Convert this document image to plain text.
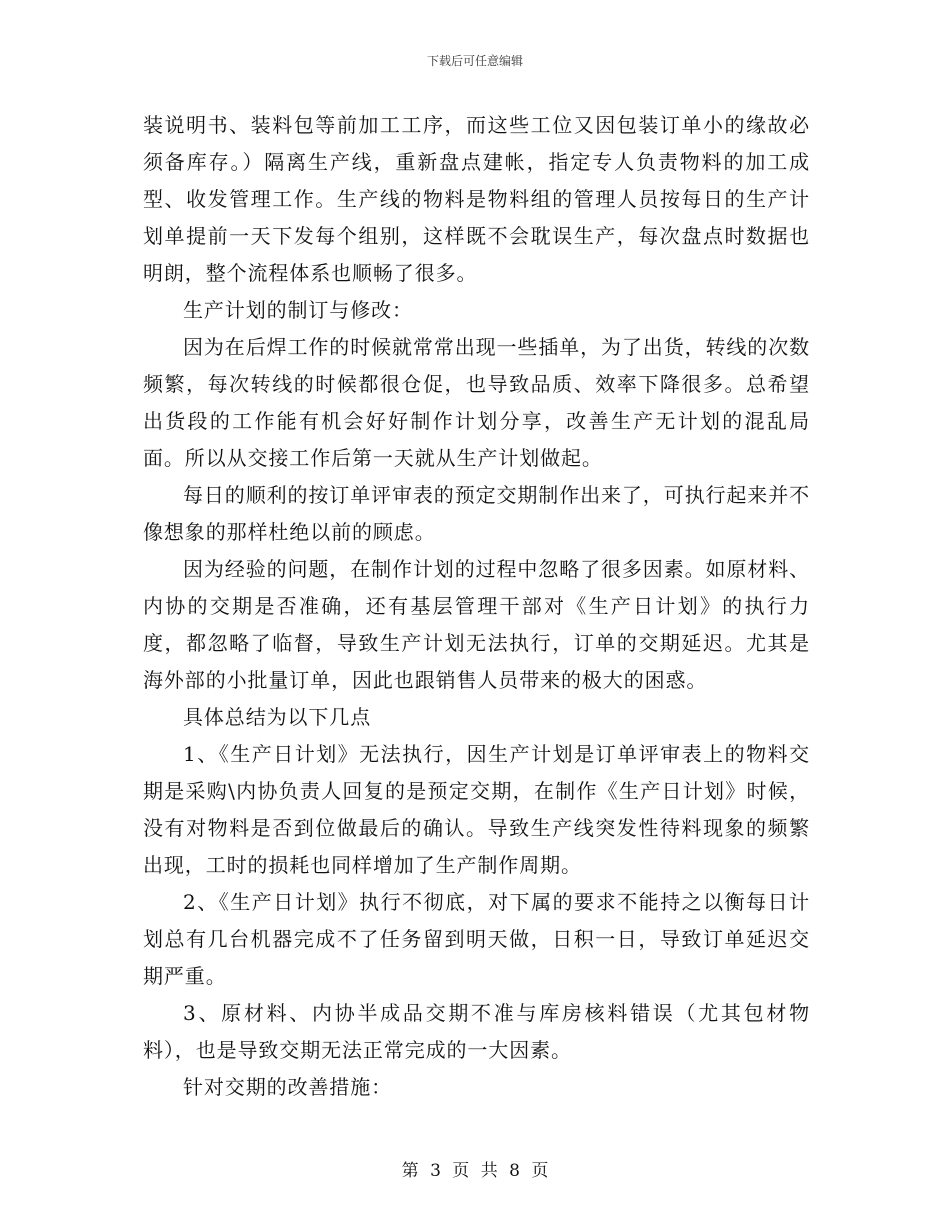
下载后可任意编辑

装说明书、装料包等前加工工序，而这些工位又因包装订单小的缘故必须备库存。）隔离生产线，重新盘点建帐，指定专人负责物料的加工成型、收发管理工作。生产线的物料是物料组的管理人员按每日的生产计划单提前一天下发每个组别，这样既不会耽误生产，每次盘点时数据也明朗，整个流程体系也顺畅了很多。

生产计划的制订与修改：

因为在后焊工作的时候就常常出现一些插单，为了出货，转线的次数频繁，每次转线的时候都很仓促，也导致品质、效率下降很多。总希望出货段的工作能有机会好好制作计划分享，改善生产无计划的混乱局面。所以从交接工作后第一天就从生产计划做起。

每日的顺利的按订单评审表的预定交期制作出来了，可执行起来并不像想象的那样杜绝以前的顾虑。

因为经验的问题，在制作计划的过程中忽略了很多因素。如原材料、内协的交期是否准确，还有基层管理干部对《生产日计划》的执行力度，都忽略了临督，导致生产计划无法执行，订单的交期延迟。尤其是海外部的小批量订单，因此也跟销售人员带来的极大的困惑。

具体总结为以下几点

1、《生产日计划》无法执行，因生产计划是订单评审表上的物料交期是采购\内协负责人回复的是预定交期，在制作《生产日计划》时候，没有对物料是否到位做最后的确认。导致生产线突发性待料现象的频繁出现，工时的损耗也同样增加了生产制作周期。

2、《生产日计划》执行不彻底，对下属的要求不能持之以衡每日计划总有几台机器完成不了任务留到明天做，日积一日，导致订单延迟交期严重。

3、原材料、内协半成品交期不准与库房核料错误（尤其包材物料），也是导致交期无法正常完成的一大因素。

针对交期的改善措施：

第 3 页 共 8 页
